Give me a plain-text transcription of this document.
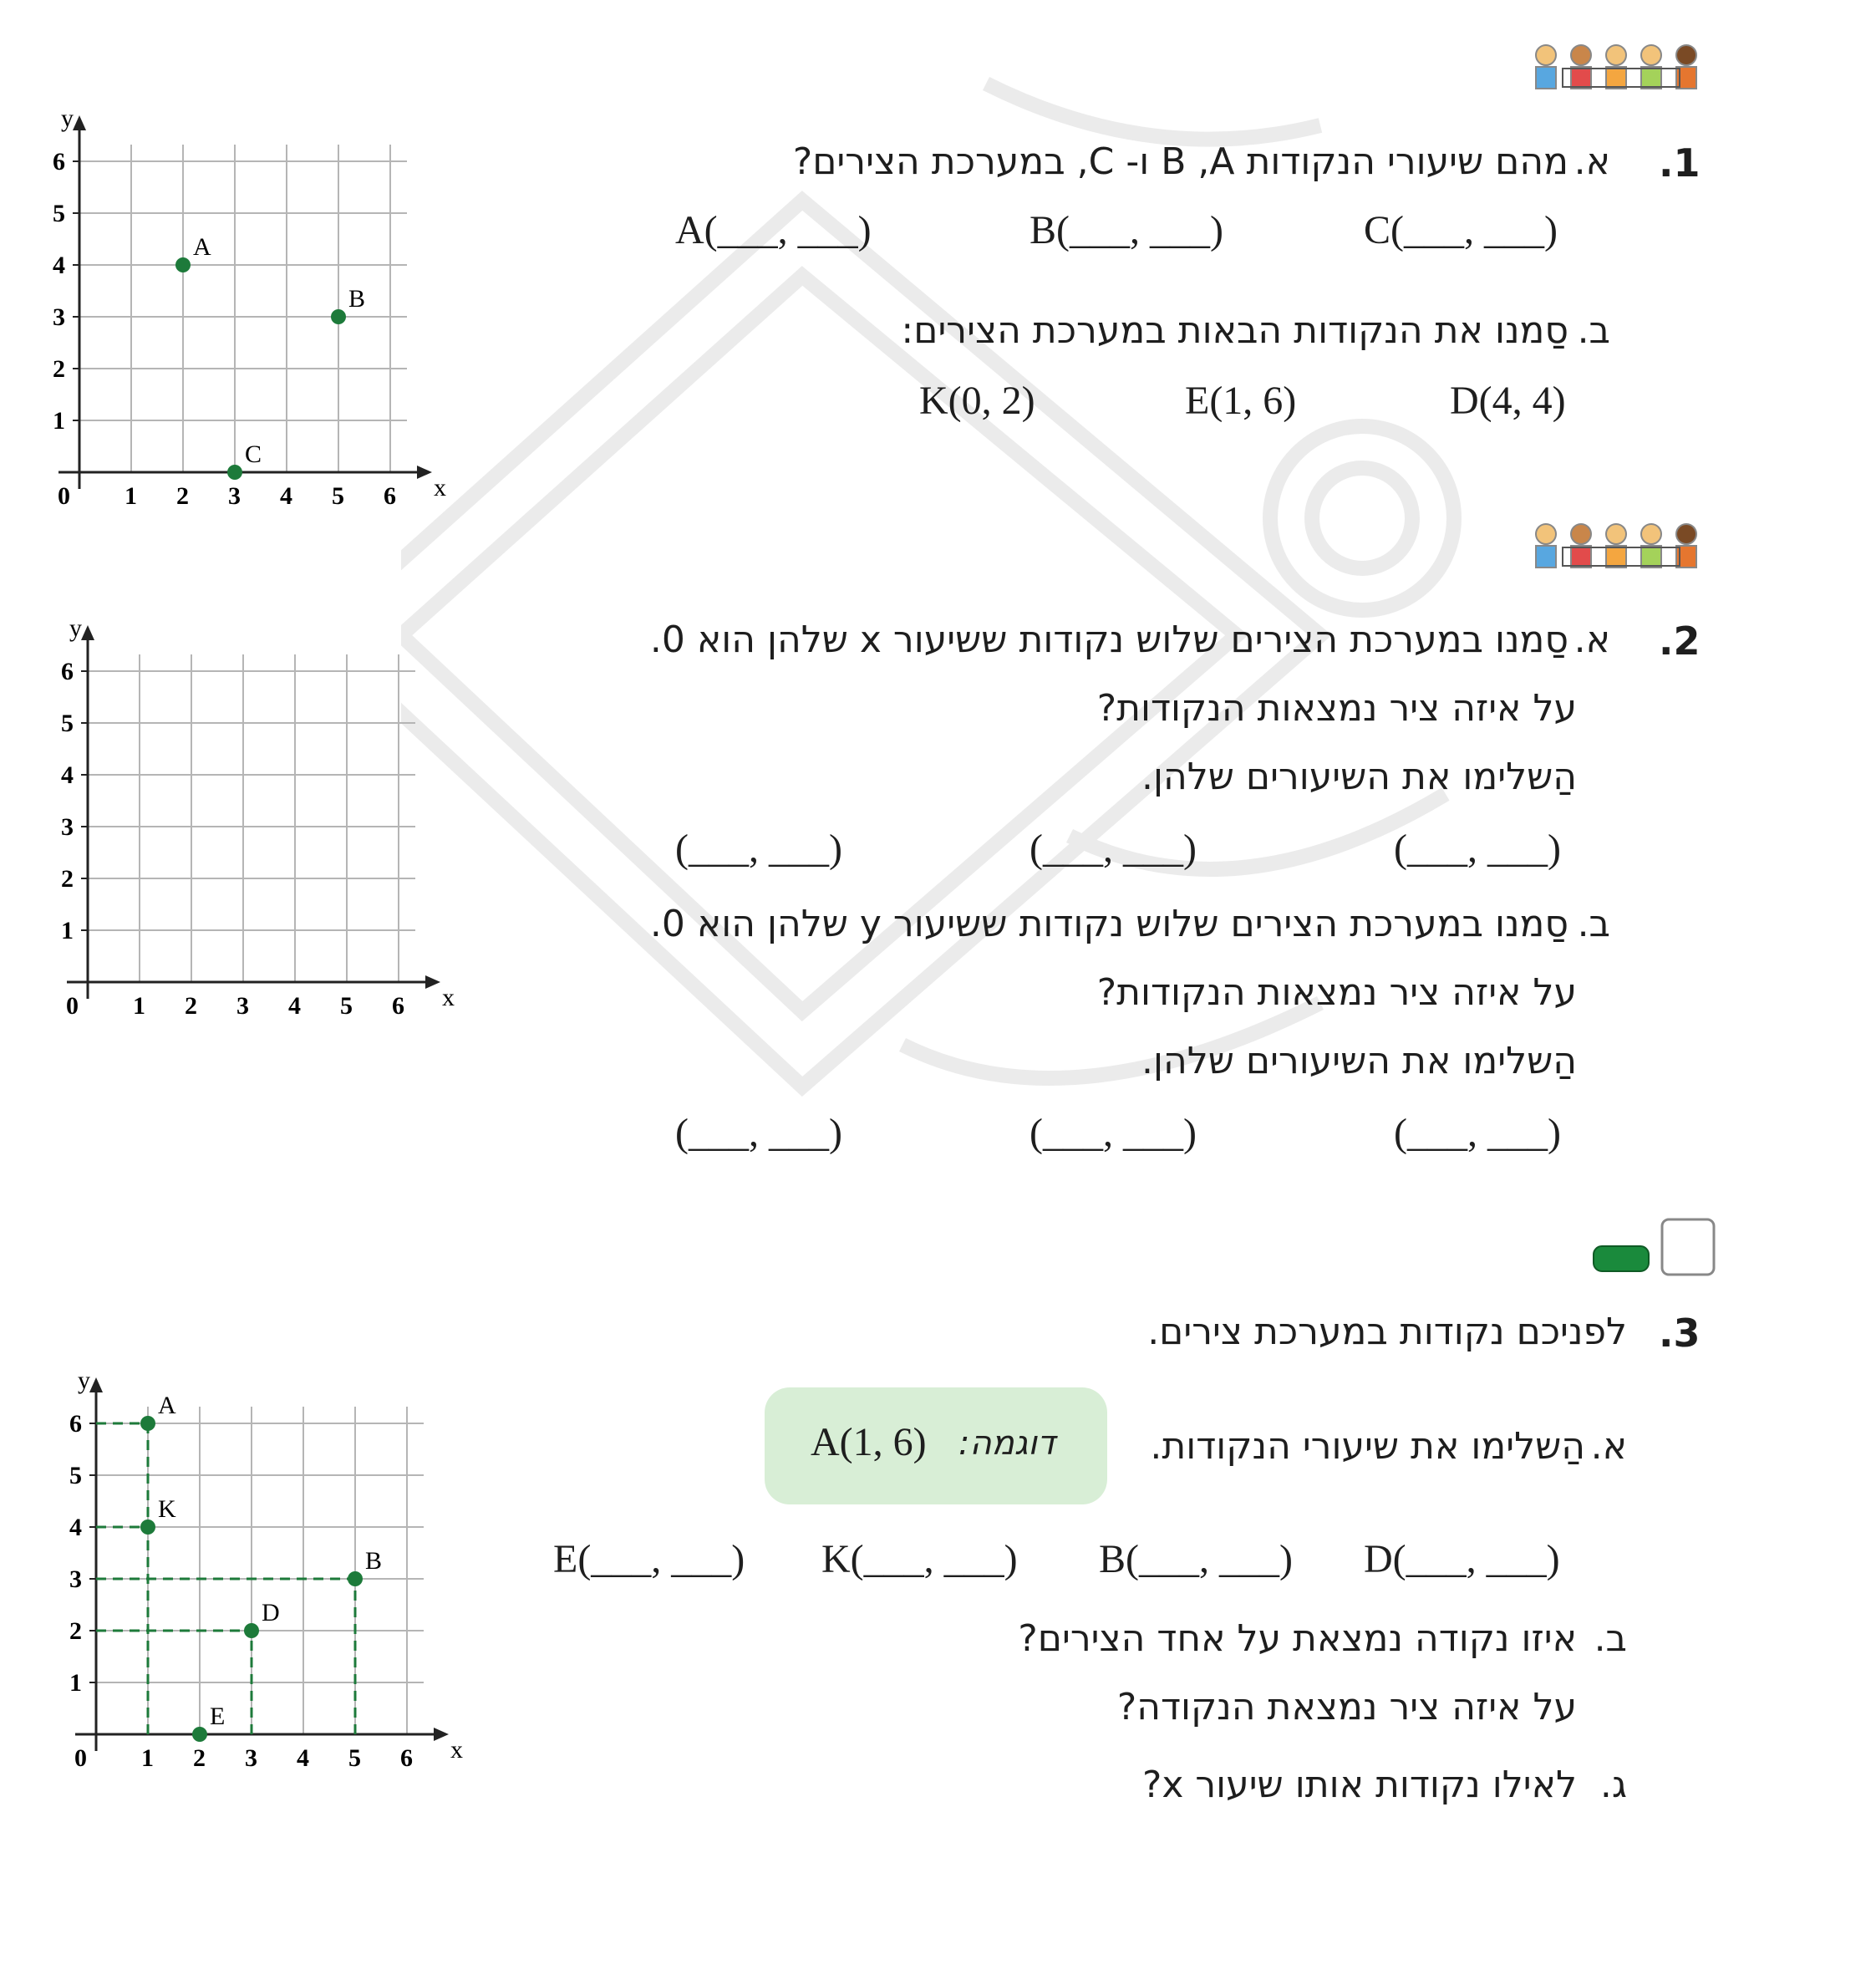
.1
א.
מהם שיעורי הנקודות B ,A ו- C, במערכת הצירים?
A(___, ___)	B(___, ___)	C(___, ___)
ב.
סַמנו את הנקודות הבאות במערכת הצירים:
K(0, 2)	E(1, 6)	D(4, 4)
x
y
0 1 2 3 4 5 6
1
2
3
4
5
6
A
B
C
.2
א.
סַמנו במערכת הצירים שלוש נקודות ששיעור x שלהן הוא 0.
על איזה ציר נמצאות הנקודות?
הַשלימו את השיעורים שלהן.
(___, ___)	(___, ___)	(___, ___)
ב.
סַמנו במערכת הצירים שלוש נקודות ששיעור y שלהן הוא 0.
על איזה ציר נמצאות הנקודות?
הַשלימו את השיעורים שלהן.
(___, ___)	(___, ___)	(___, ___)
x
y
0 1 2 3 4 5 6
1
2
3
4
5
6
.3
לפניכם נקודות במערכת צירים.
א.
הַשלימו את שיעורי הנקודות.
A(1, 6) דוגמה:
E(___, ___) K(___, ___) B(___, ___) D(___, ___)
ב.
איזו נקודה נמצאת על אחד הצירים?
על איזה ציר נמצאת הנקודה?
ג.
לאילו נקודות אותו שיעור x?
x
y
0 1 2 3 4 5 6
1
2
3
4
5
6
A
K
B
D
E
